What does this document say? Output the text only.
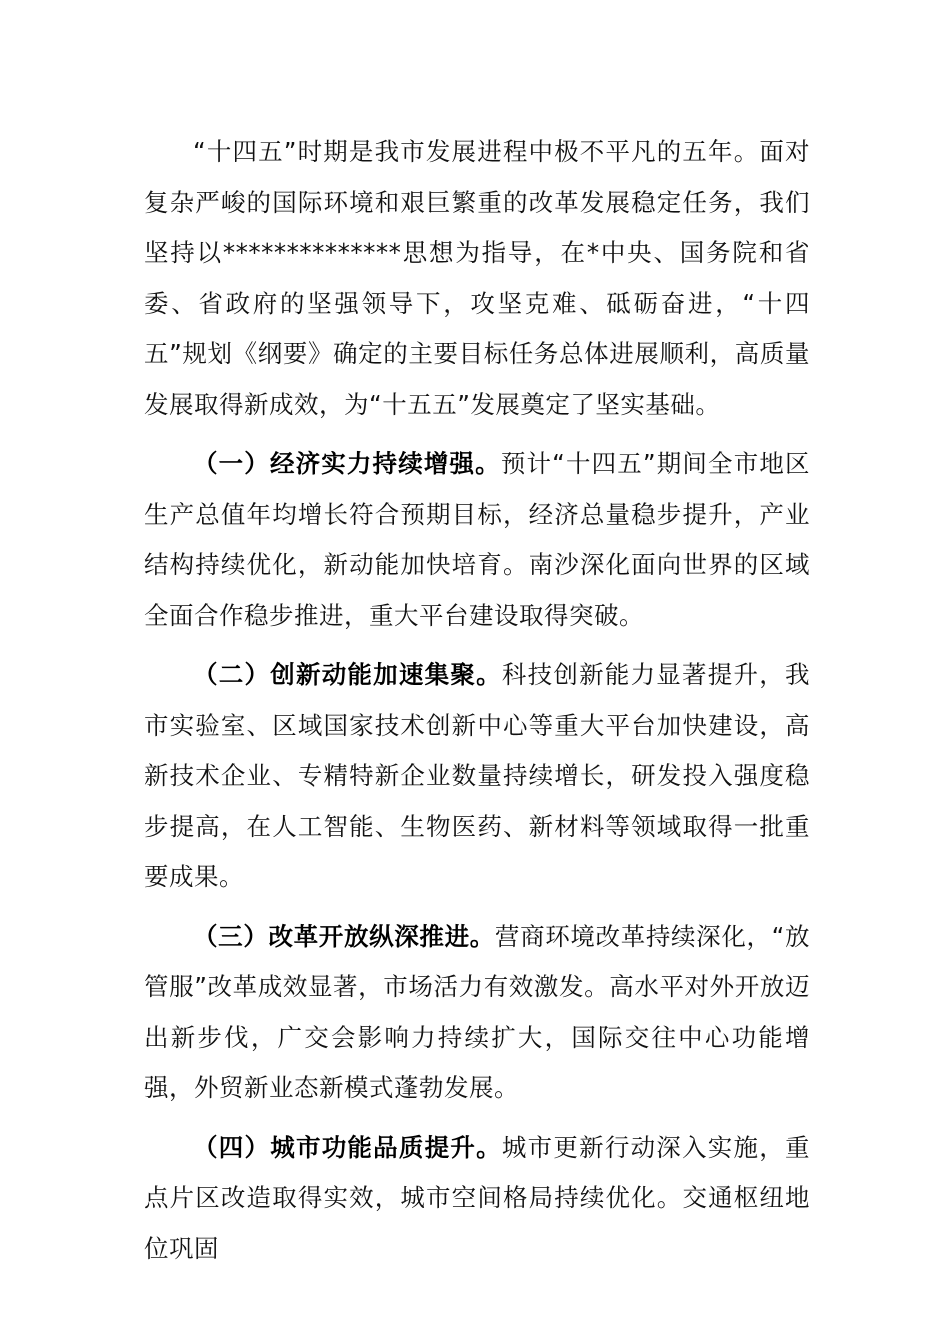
“十四五”时期是我市发展进程中极不平凡的五年。面对复杂严峻的国际环境和艰巨繁重的改革发展稳定任务，我们坚持以**************思想为指导，在*中央、国务院和省委、省政府的坚强领导下，攻坚克难、砥砺奋进，“十四五”规划《纲要》确定的主要目标任务总体进展顺利，高质量发展取得新成效，为“十五五”发展奠定了坚实基础。

（一）经济实力持续增强。预计“十四五”期间全市地区生产总值年均增长符合预期目标，经济总量稳步提升，产业结构持续优化，新动能加快培育。南沙深化面向世界的区域全面合作稳步推进，重大平台建设取得突破。

（二）创新动能加速集聚。科技创新能力显著提升，我市实验室、区域国家技术创新中心等重大平台加快建设，高新技术企业、专精特新企业数量持续增长，研发投入强度稳步提高，在人工智能、生物医药、新材料等领域取得一批重要成果。

（三）改革开放纵深推进。营商环境改革持续深化，“放管服”改革成效显著，市场活力有效激发。高水平对外开放迈出新步伐，广交会影响力持续扩大，国际交往中心功能增强，外贸新业态新模式蓬勃发展。

（四）城市功能品质提升。城市更新行动深入实施，重点片区改造取得实效，城市空间格局持续优化。交通枢纽地位巩固
